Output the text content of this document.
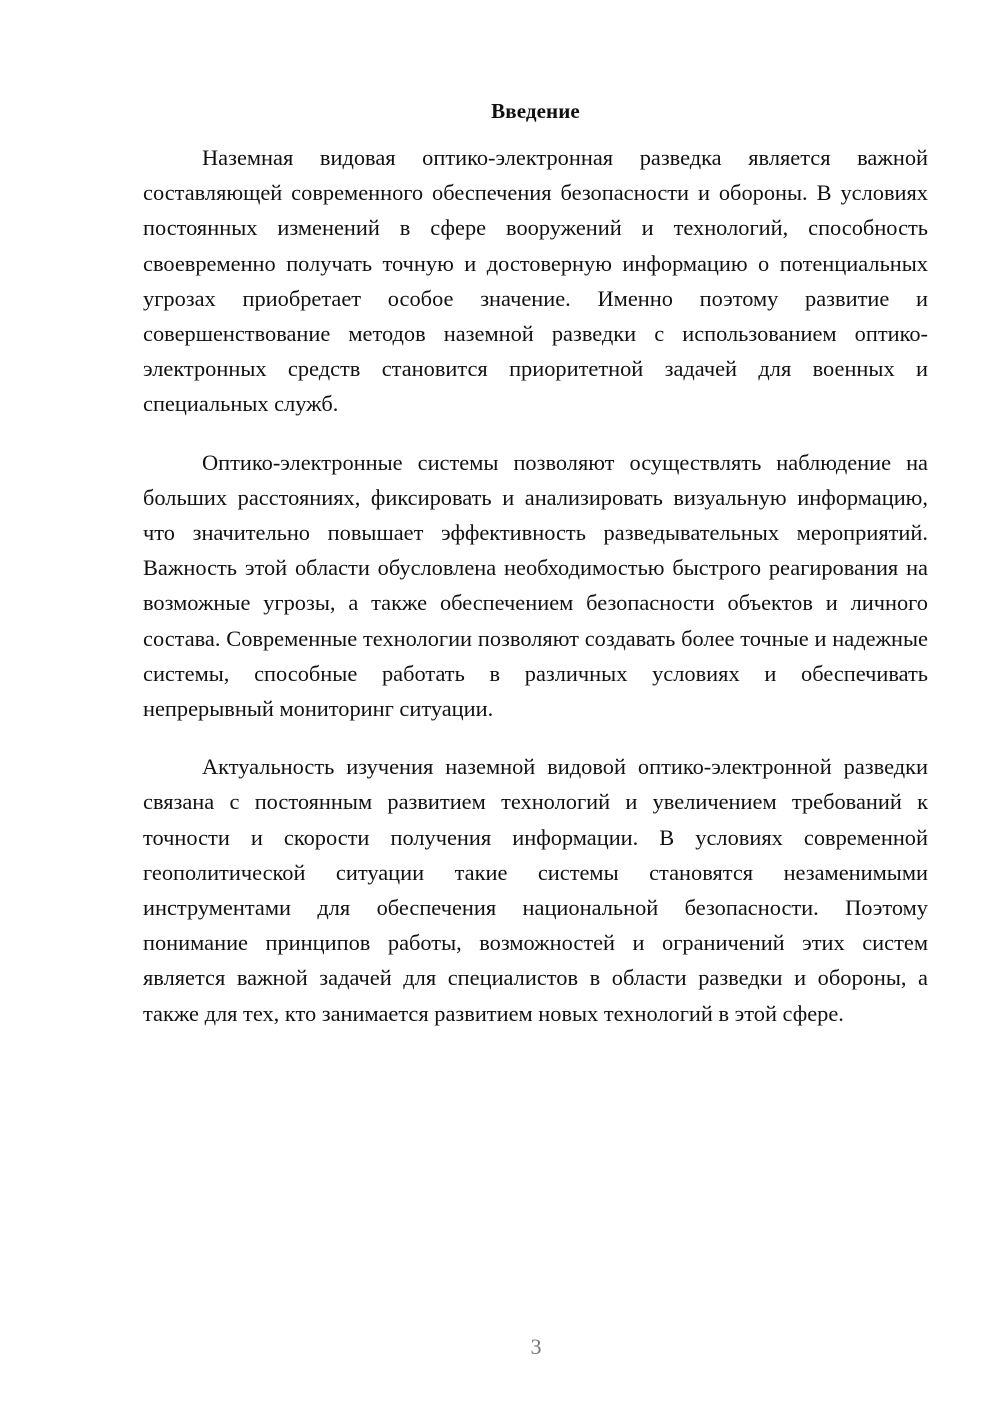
Введение

Наземная видовая оптико-электронная разведка является важной составляющей современного обеспечения безопасности и обороны. В условиях постоянных изменений в сфере вооружений и технологий, способность своевременно получать точную и достоверную информацию о потенциальных угрозах приобретает особое значение. Именно поэтому развитие и совершенствование методов наземной разведки с использованием оптико-электронных средств становится приоритетной задачей для военных и специальных служб.

Оптико-электронные системы позволяют осуществлять наблюдение на больших расстояниях, фиксировать и анализировать визуальную информацию, что значительно повышает эффективность разведывательных мероприятий. Важность этой области обусловлена необходимостью быстрого реагирования на возможные угрозы, а также обеспечением безопасности объектов и личного состава. Современные технологии позволяют создавать более точные и надежные системы, способные работать в различных условиях и обеспечивать непрерывный мониторинг ситуации.

Актуальность изучения наземной видовой оптико-электронной разведки связана с постоянным развитием технологий и увеличением требований к точности и скорости получения информации. В условиях современной геополитической ситуации такие системы становятся незаменимыми инструментами для обеспечения национальной безопасности. Поэтому понимание принципов работы, возможностей и ограничений этих систем является важной задачей для специалистов в области разведки и обороны, а также для тех, кто занимается развитием новых технологий в этой сфере.

3
